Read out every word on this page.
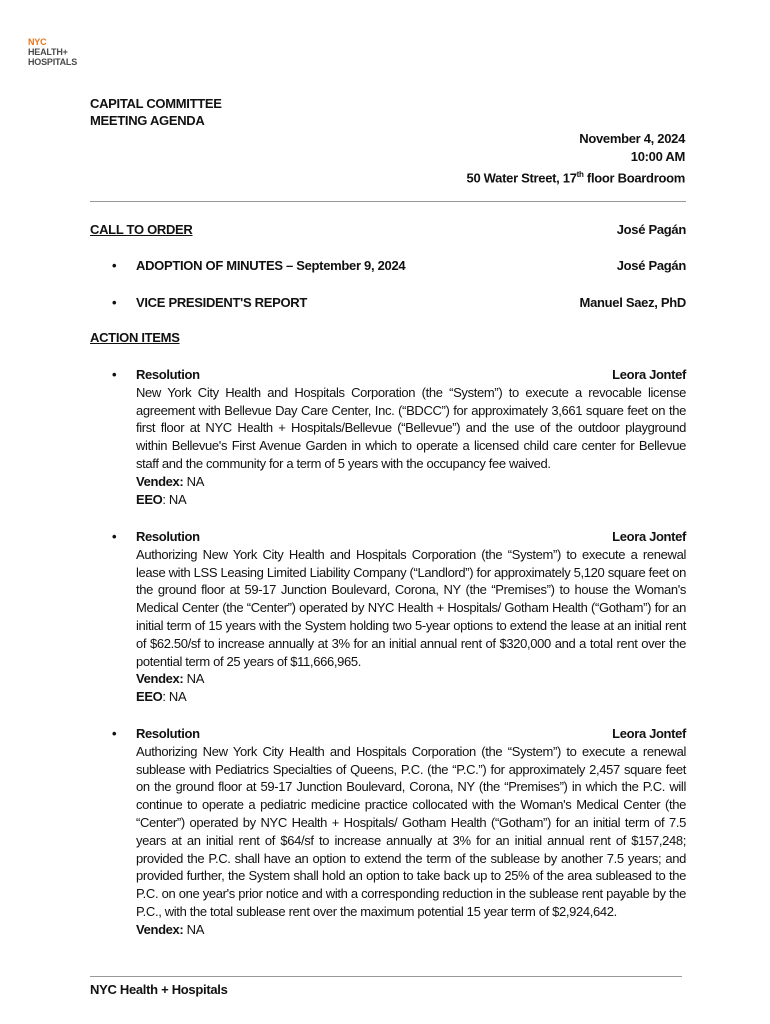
NYC
HEALTH+
HOSPITALS
CAPITAL COMMITTEE
MEETING AGENDA
November 4, 2024
10:00 AM
50 Water Street, 17th floor Boardroom
CALL TO ORDER	José Pagán
•	ADOPTION OF MINUTES – September 9, 2024	José Pagán
•	VICE PRESIDENT'S REPORT	Manuel Saez, PhD
ACTION ITEMS
•	Resolution	Leora Jontef
New York City Health and Hospitals Corporation (the “System”) to execute a revocable license agreement with Bellevue Day Care Center, Inc. (“BDCC”) for approximately 3,661 square feet on the first floor at NYC Health + Hospitals/Bellevue (“Bellevue”) and the use of the outdoor playground within Bellevue's First Avenue Garden in which to operate a licensed child care center for Bellevue staff and the community for a term of 5 years with the occupancy fee waived.
Vendex: NA
EEO: NA
•	Resolution	Leora Jontef
Authorizing New York City Health and Hospitals Corporation (the “System”) to execute a renewal lease with LSS Leasing Limited Liability Company (“Landlord”) for approximately 5,120 square feet on the ground floor at 59-17 Junction Boulevard, Corona, NY (the “Premises”) to house the Woman's Medical Center (the “Center”) operated by NYC Health + Hospitals/ Gotham Health (“Gotham”) for an initial term of 15 years with the System holding two 5-year options to extend the lease at an initial rent of $62.50/sf to increase annually at 3% for an initial annual rent of $320,000 and a total rent over the potential term of 25 years of $11,666,965.
Vendex: NA
EEO: NA
•	Resolution	Leora Jontef
Authorizing New York City Health and Hospitals Corporation (the “System”) to execute a renewal sublease with Pediatrics Specialties of Queens, P.C. (the “P.C.”) for approximately 2,457 square feet on the ground floor at 59-17 Junction Boulevard, Corona, NY (the “Premises”) in which the P.C. will continue to operate a pediatric medicine practice collocated with the Woman's Medical Center (the “Center”) operated by NYC Health + Hospitals/ Gotham Health (“Gotham”) for an initial term of 7.5 years at an initial rent of $64/sf to increase annually at 3% for an initial annual rent of $157,248; provided the P.C. shall have an option to extend the term of the sublease by another 7.5 years; and provided further, the System shall hold an option to take back up to 25% of the area subleased to the P.C. on one year's prior notice and with a corresponding reduction in the sublease rent payable by the P.C., with the total sublease rent over the maximum potential 15 year term of $2,924,642.
Vendex: NA
NYC Health + Hospitals
